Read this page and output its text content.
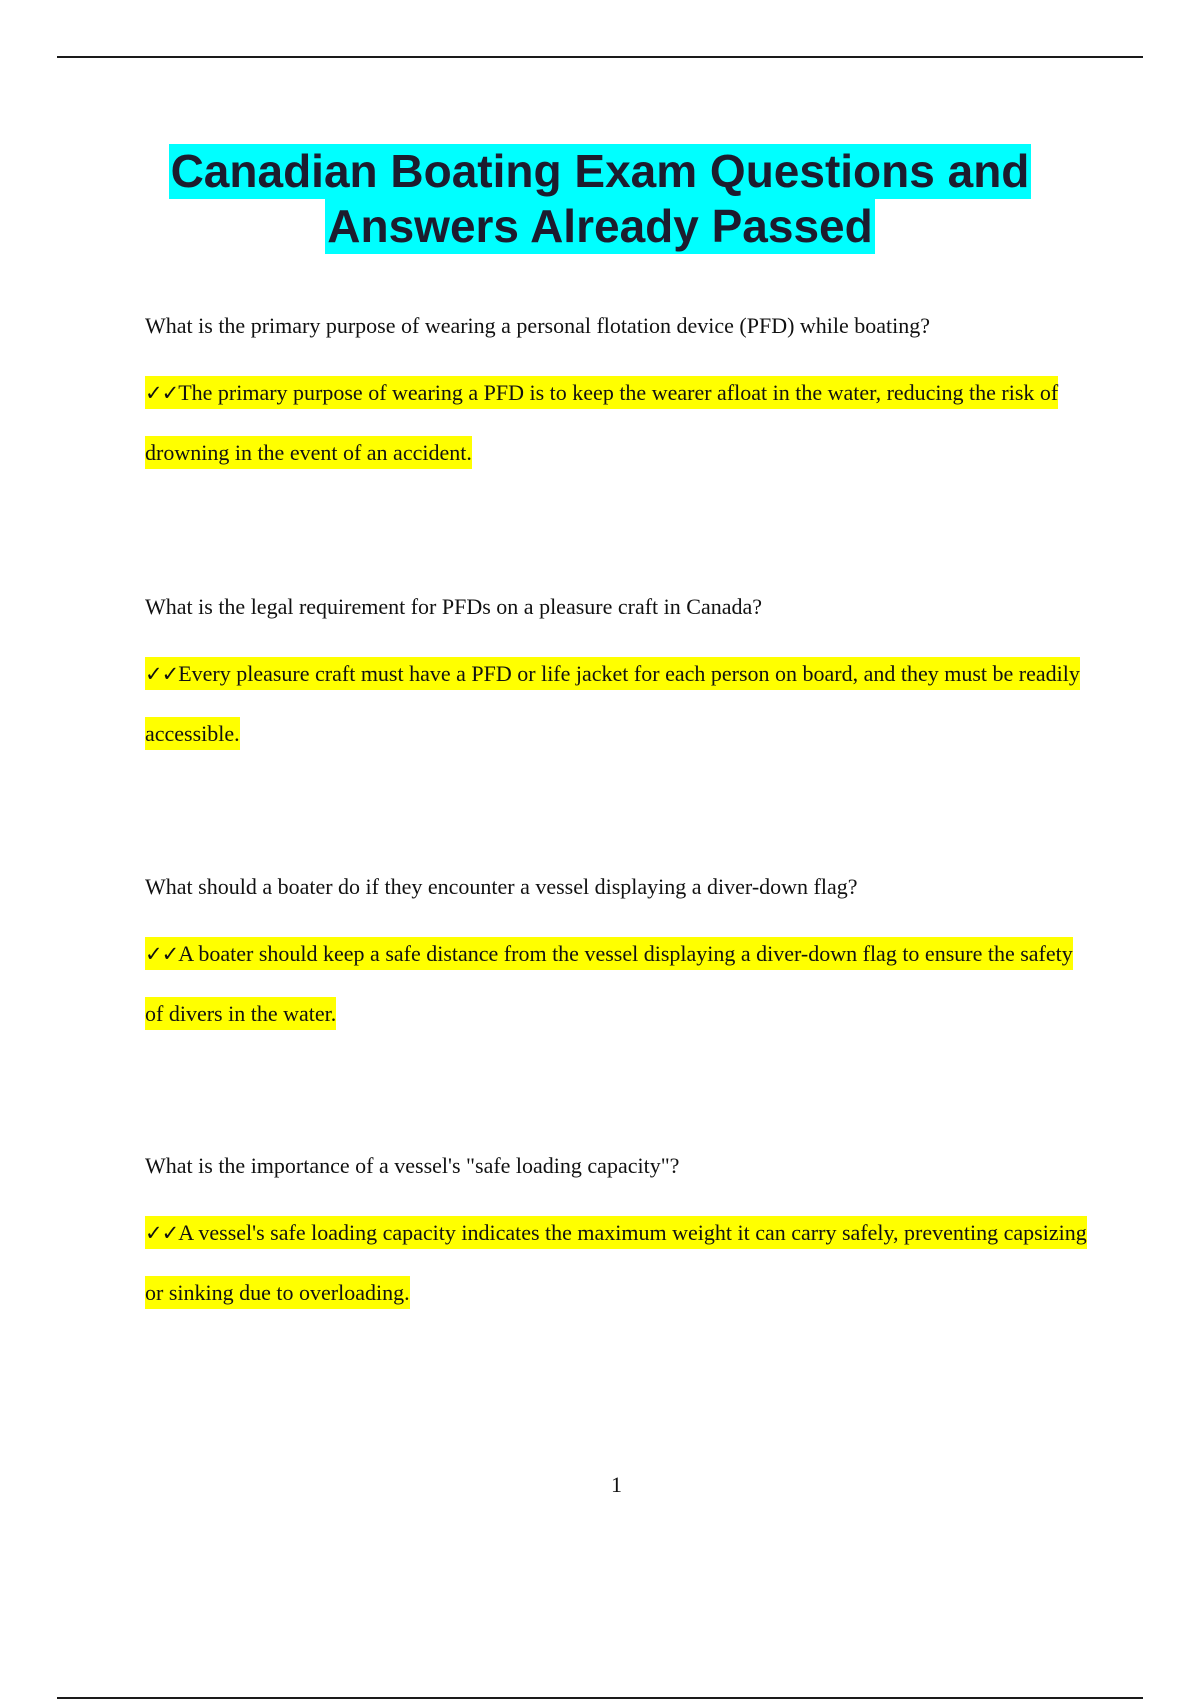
Canadian Boating Exam Questions and
Answers Already Passed

What is the primary purpose of wearing a personal flotation device (PFD) while boating?

✓✓The primary purpose of wearing a PFD is to keep the wearer afloat in the water, reducing the risk of drowning in the event of an accident.

What is the legal requirement for PFDs on a pleasure craft in Canada?

✓✓Every pleasure craft must have a PFD or life jacket for each person on board, and they must be readily accessible.

What should a boater do if they encounter a vessel displaying a diver-down flag?

✓✓A boater should keep a safe distance from the vessel displaying a diver-down flag to ensure the safety of divers in the water.

What is the importance of a vessel's "safe loading capacity"?

✓✓A vessel's safe loading capacity indicates the maximum weight it can carry safely, preventing capsizing or sinking due to overloading.

1
